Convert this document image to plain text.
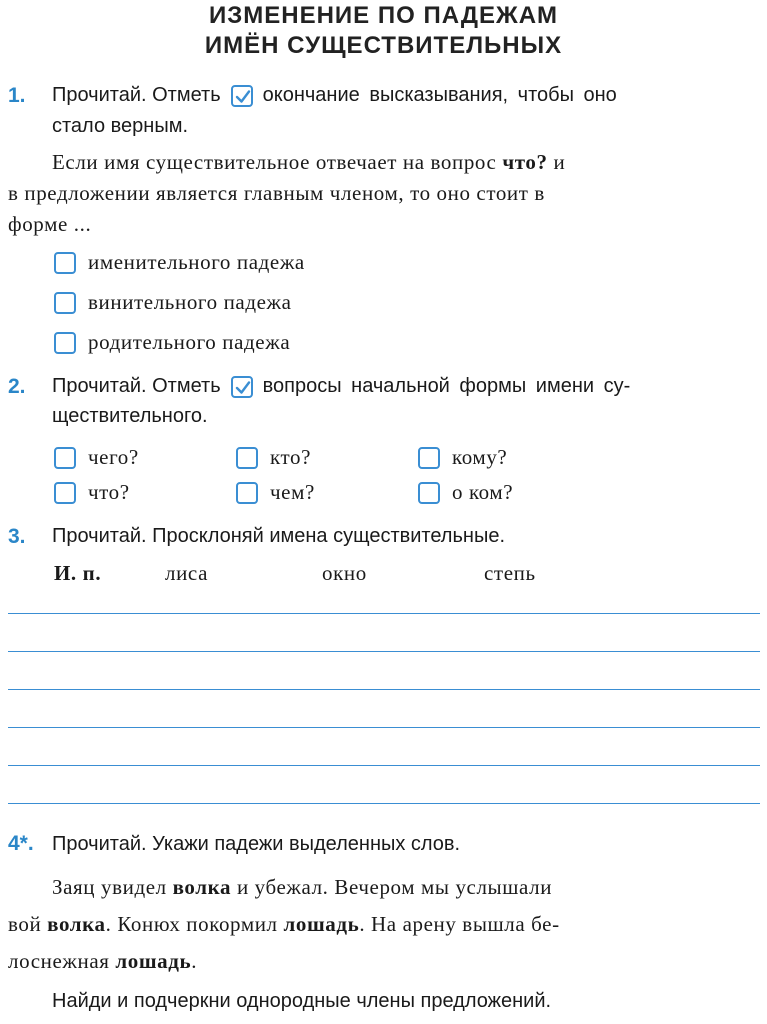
ИЗМЕНЕНИЕ ПО ПАДЕЖАМ
ИМЁН СУЩЕСТВИТЕЛЬНЫХ
1. Прочитай. Отметь окончание высказывания, чтобы оно
стало верным.
Если имя существительное отвечает на вопрос что? и
в предложении является главным членом, то оно стоит в
форме ...
именительного падежа
винительного падежа
родительного падежа
2. Прочитай. Отметь вопросы начальной формы имени су-
ществительного.
чего?	кто?	кому?
что?	чем?	о ком?
3. Прочитай. Просклоняй имена существительные.
И. п.	лиса	окно	степь
4*. Прочитай. Укажи падежи выделенных слов.
Заяц увидел волка и убежал. Вечером мы услышали
вой волка. Конюх покормил лошадь. На арену вышла бе-
лоснежная лошадь.
Найди и подчеркни однородные члены предложений.
